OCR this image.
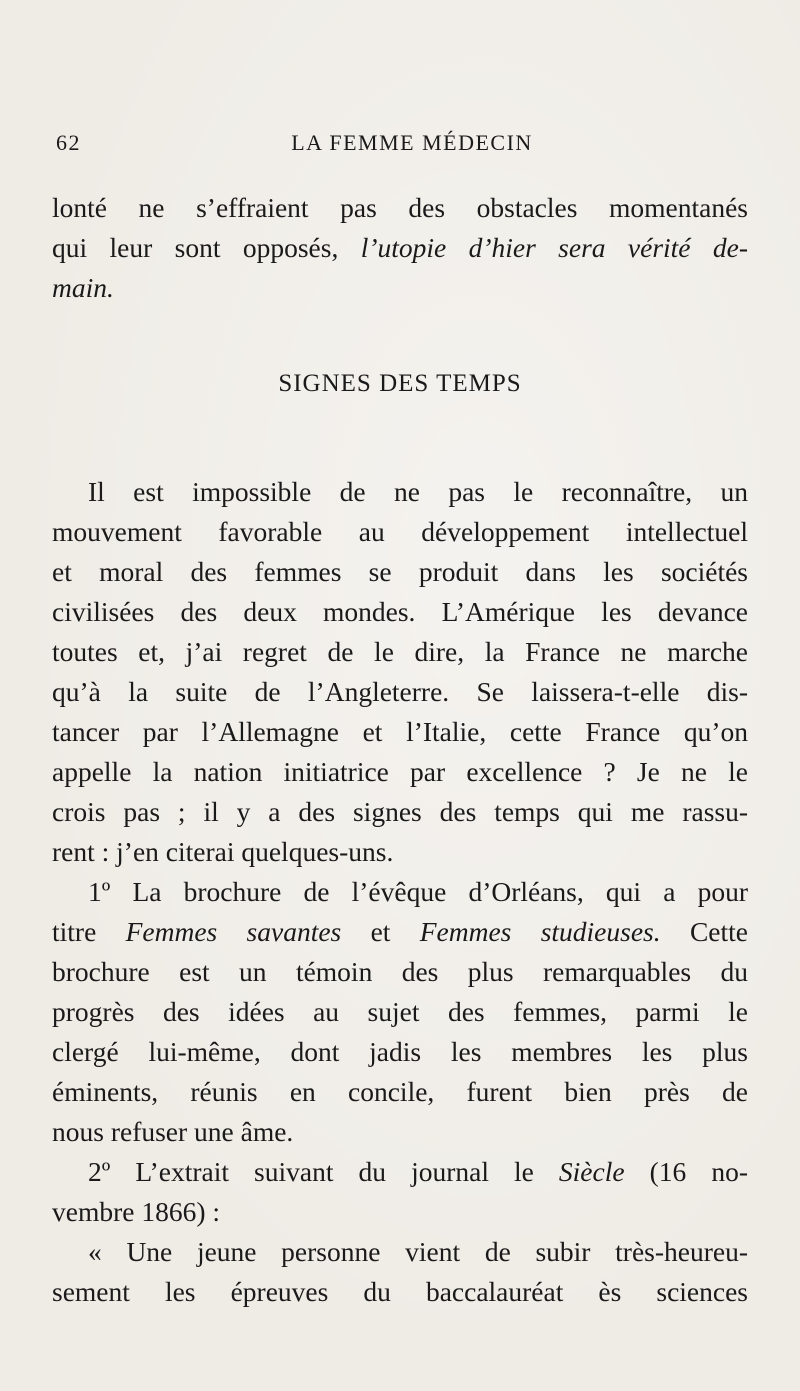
62	LA FEMME MÉDECIN
lonté ne s’effraient pas des obstacles momentanés
qui leur sont opposés, l’utopie d’hier sera vérité de-
main.
SIGNES DES TEMPS
Il est impossible de ne pas le reconnaître, un
mouvement favorable au développement intellectuel
et moral des femmes se produit dans les sociétés
civilisées des deux mondes. L’Amérique les devance
toutes et, j’ai regret de le dire, la France ne marche
qu’à la suite de l’Angleterre. Se laissera-t-elle dis-
tancer par l’Allemagne et l’Italie, cette France qu’on
appelle la nation initiatrice par excellence ? Je ne le
crois pas ; il y a des signes des temps qui me rassu-
rent : j’en citerai quelques-uns.
1º La brochure de l’évêque d’Orléans, qui a pour
titre Femmes savantes et Femmes studieuses. Cette
brochure est un témoin des plus remarquables du
progrès des idées au sujet des femmes, parmi le
clergé lui-même, dont jadis les membres les plus
éminents, réunis en concile, furent bien près de
nous refuser une âme.
2º L’extrait suivant du journal le Siècle (16 no-
vembre 1866) :
« Une jeune personne vient de subir très-heureu-
sement les épreuves du baccalauréat ès sciences
